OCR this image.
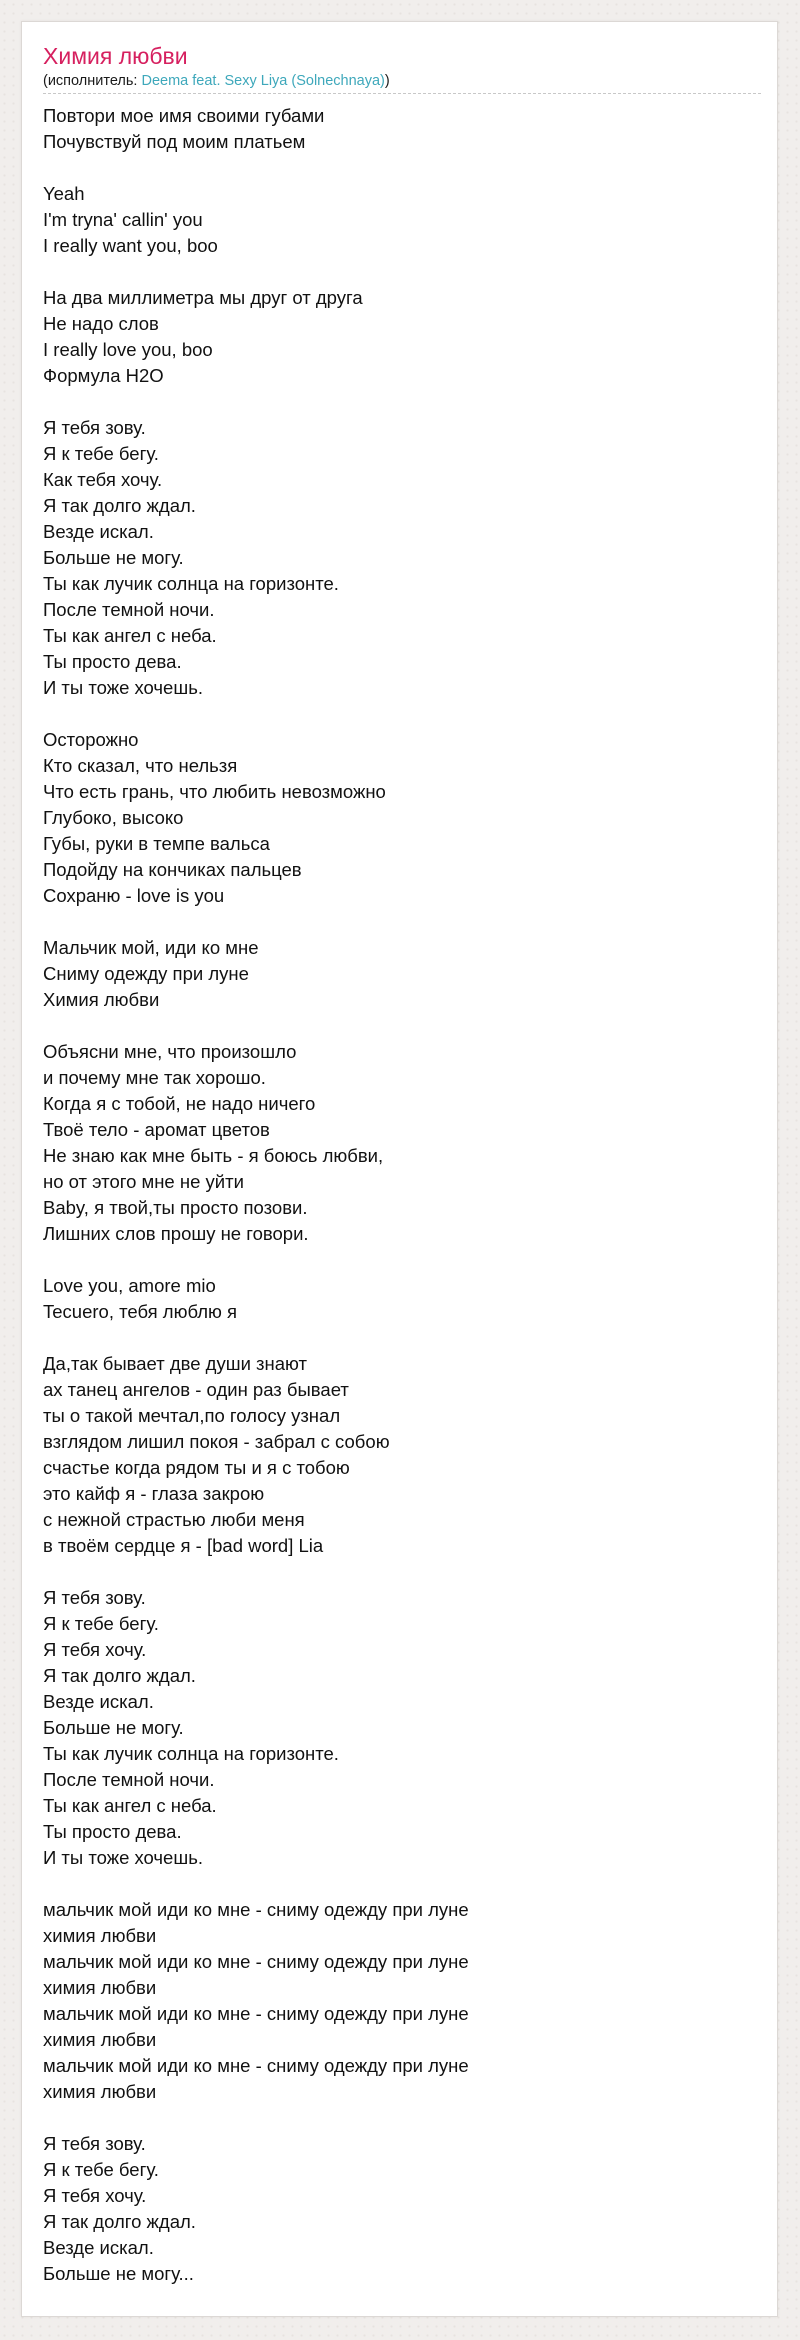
Химия любви
(исполнитель: Deema feat. Sexy Liya (Solnechnaya))

Повтори мое имя своими губами
Почувствуй под моим платьем

Yeah
I'm tryna' callin' you
I really want you, boo

На два миллиметра мы друг от друга
Не надо слов
I really love you, boo
Формула H2O

Я тебя зову.
Я к тебе бегу.
Как тебя хочу.
Я так долго ждал.
Везде искал.
Больше не могу.
Ты как лучик солнца на горизонте.
После темной ночи.
Ты как ангел с неба.
Ты просто дева.
И ты тоже хочешь.

Осторожно
Кто сказал, что нельзя
Что есть грань, что любить невозможно
Глубоко, высоко
Губы, руки в темпе вальса
Подойду на кончиках пальцев
Сохраню - love is you

Мальчик мой, иди ко мне
Сниму одежду при луне
Химия любви

Объясни мне, что произошло
и почему мне так хорошо.
Когда я с тобой, не надо ничего
Твоё тело - аромат цветов
Не знаю как мне быть - я боюсь любви,
но от этого мне не уйти
Baby, я твой,ты просто позови.
Лишних слов прошу не говори.

Love you, amore mio
Tecuero, тебя люблю я

Да,так бывает две души знают
ах танец ангелов - один раз бывает
ты о такой мечтал,по голосу узнал
взглядом лишил покоя - забрал с собою
счастье когда рядом ты и я с тобою
это кайф я - глаза закрою
с нежной страстью люби меня
в твоём сердце я - [bad word] Lia

Я тебя зову.
Я к тебе бегу.
Я тебя хочу.
Я так долго ждал.
Везде искал.
Больше не могу.
Ты как лучик солнца на горизонте.
После темной ночи.
Ты как ангел с неба.
Ты просто дева.
И ты тоже хочешь.

мальчик мой иди ко мне - сниму одежду при луне
химия любви
мальчик мой иди ко мне - сниму одежду при луне
химия любви
мальчик мой иди ко мне - сниму одежду при луне
химия любви
мальчик мой иди ко мне - сниму одежду при луне
химия любви

Я тебя зову.
Я к тебе бегу.
Я тебя хочу.
Я так долго ждал.
Везде искал.
Больше не могу...
